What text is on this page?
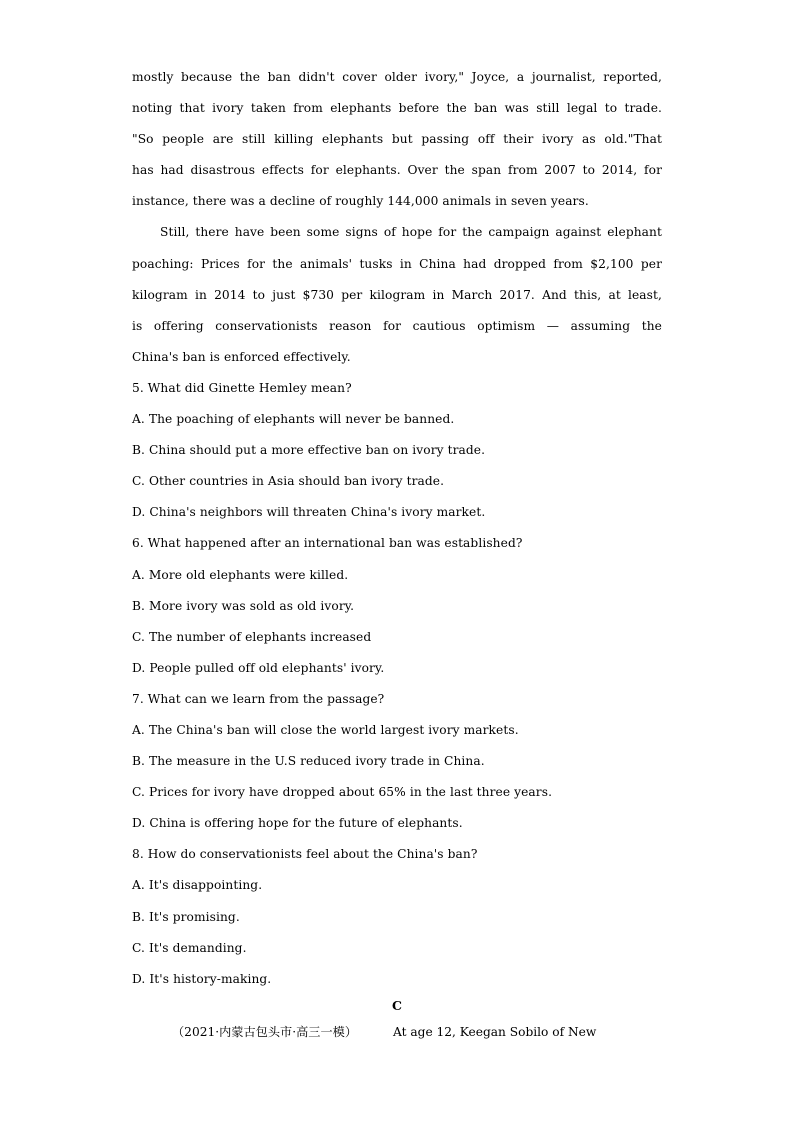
mostly because the ban didn't cover older ivory," Joyce, a journalist, reported,
noting that ivory taken from elephants before the ban was still legal to trade.
"So people are still killing elephants but passing off their ivory as old."That
has had disastrous effects for elephants. Over the span from 2007 to 2014, for
instance, there was a decline of roughly 144,000 animals in seven years.
Still, there have been some signs of hope for the campaign against elephant
poaching: Prices for the animals' tusks in China had dropped from $2,100 per
kilogram in 2014 to just $730 per kilogram in March 2017. And this, at least,
is offering conservationists reason for cautious optimism — assuming the
China's ban is enforced effectively.
5. What did Ginette Hemley mean?
A. The poaching of elephants will never be banned.
B. China should put a more effective ban on ivory trade.
C. Other countries in Asia should ban ivory trade.
D. China's neighbors will threaten China's ivory market.
6. What happened after an international ban was established?
A. More old elephants were killed.
B. More ivory was sold as old ivory.
C. The number of elephants increased
D. People pulled off old elephants' ivory.
7. What can we learn from the passage?
A. The China's ban will close the world largest ivory markets.
B. The measure in the U.S reduced ivory trade in China.
C. Prices for ivory have dropped about 65% in the last three years.
D. China is offering hope for the future of elephants.
8. How do conservationists feel about the China's ban?
A. It's disappointing.
B. It's promising.
C. It's demanding.
D. It's history-making.
C
（2021·内蒙古包头市·高三一模）	At age 12, Keegan Sobilo of New
